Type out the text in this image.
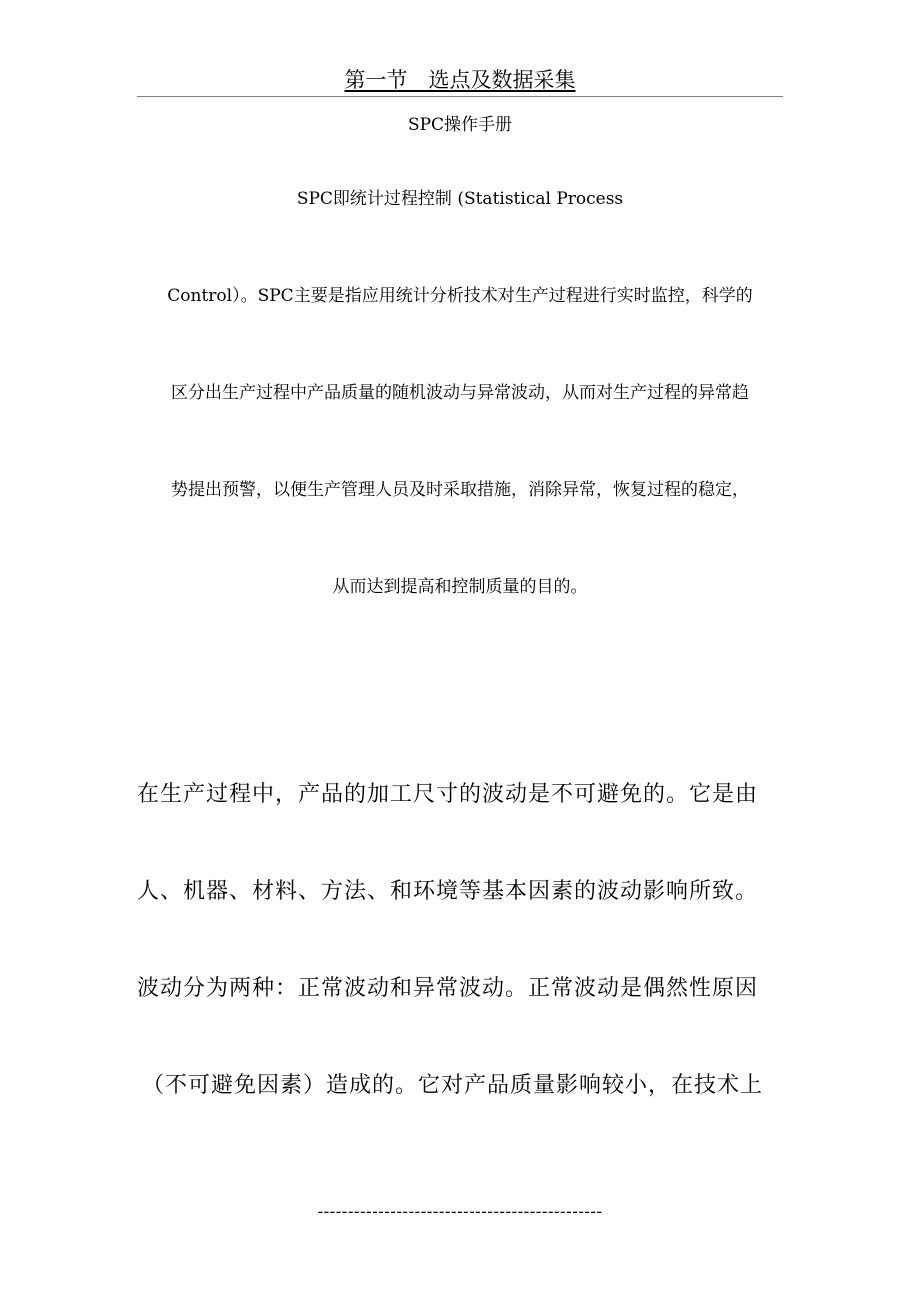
第一节　选点及数据采集
SPC操作手册
SPC即统计过程控制 (Statistical Process
Control）。SPC主要是指应用统计分析技术对生产过程进行实时监控，科学的
区分出生产过程中产品质量的随机波动与异常波动，从而对生产过程的异常趋
势提出预警，以便生产管理人员及时采取措施，消除异常，恢复过程的稳定，
从而达到提高和控制质量的目的。
在生产过程中，产品的加工尺寸的波动是不可避免的。它是由
人、机器、材料、方法、和环境等基本因素的波动影响所致。
波动分为两种：正常波动和异常波动。正常波动是偶然性原因
（不可避免因素）造成的。它对产品质量影响较小，在技术上
-----------------------------------------------
